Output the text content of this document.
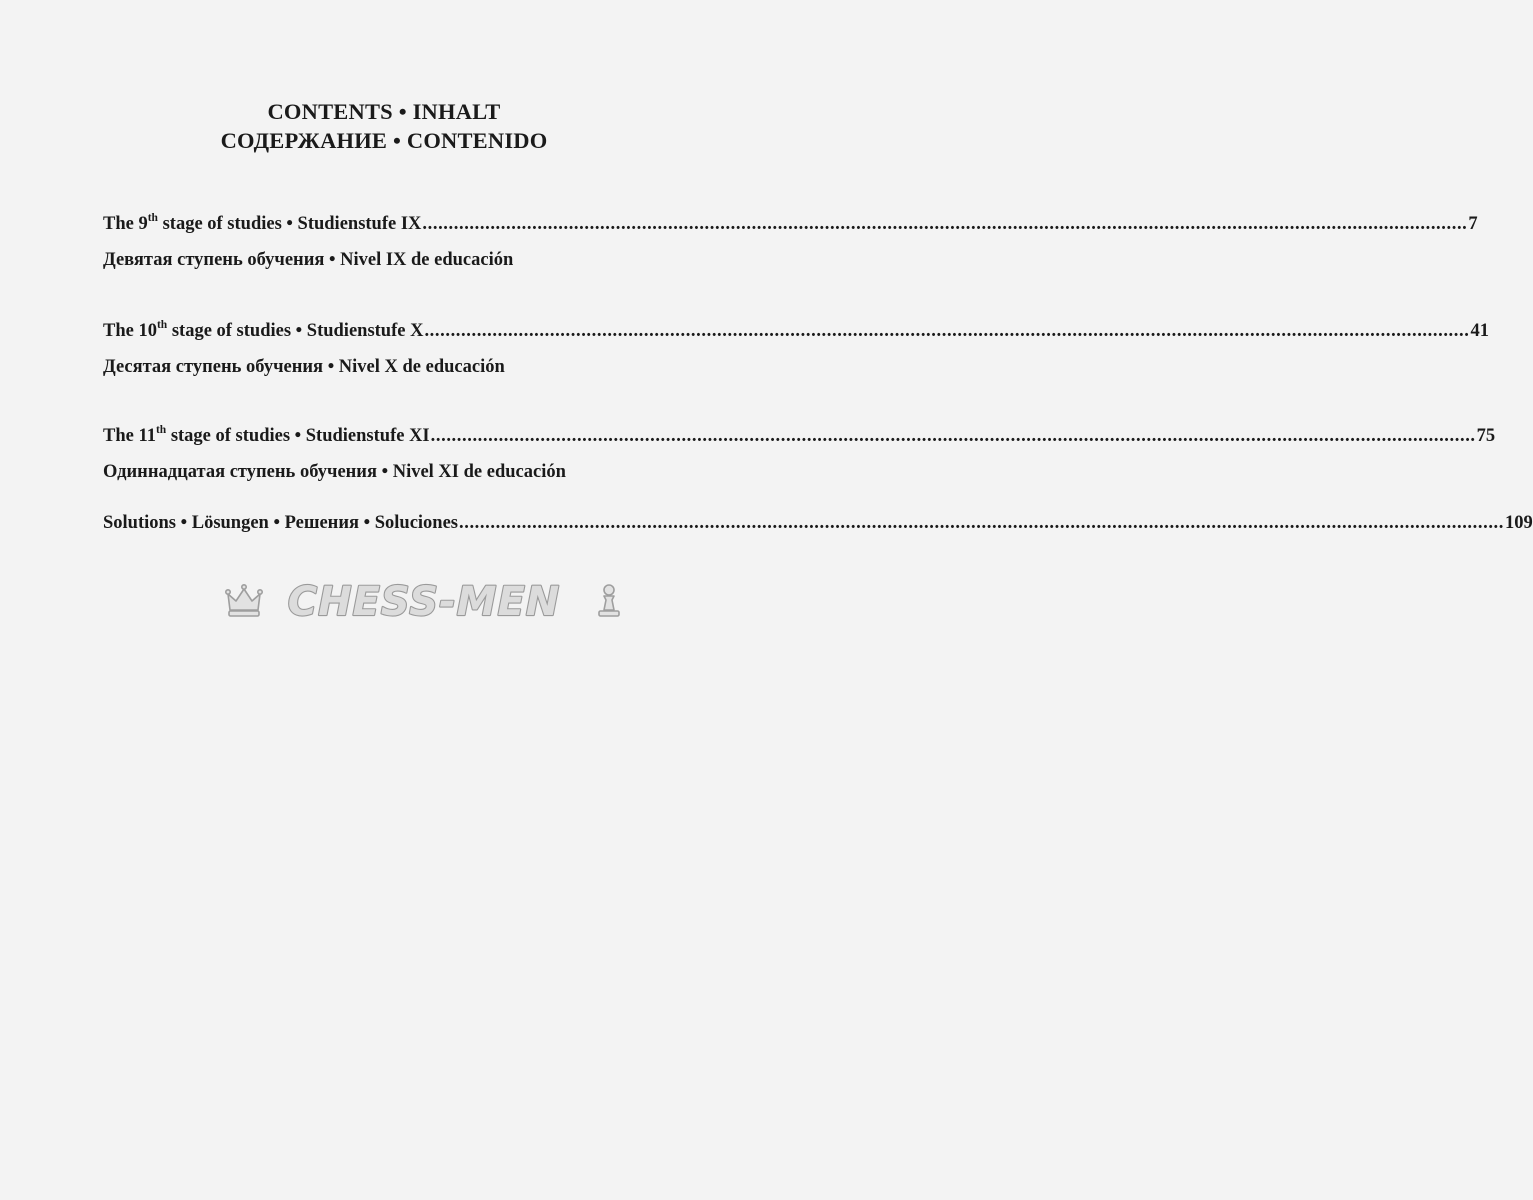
CONTENTS • INHALT
СОДЕРЖАНИЕ • CONTENIDO
The 9th stage of studies • Studienstufe IX ........................................................................................................................................................................................................ 7
Девятая ступень обучения • Nivel IX de educación
The 10th stage of studies • Studienstufe X ........................................................................................................................................................................................................ 41
Десятая ступень обучения • Nivel X de educación
The 11th stage of studies • Studienstufe XI ........................................................................................................................................................................................................ 75
Одиннадцатая ступень обучения • Nivel XI de educación
Solutions • Lösungen • Решения • Soluciones ........................................................................................................................................................................................................ 109
CHESS-MEN
